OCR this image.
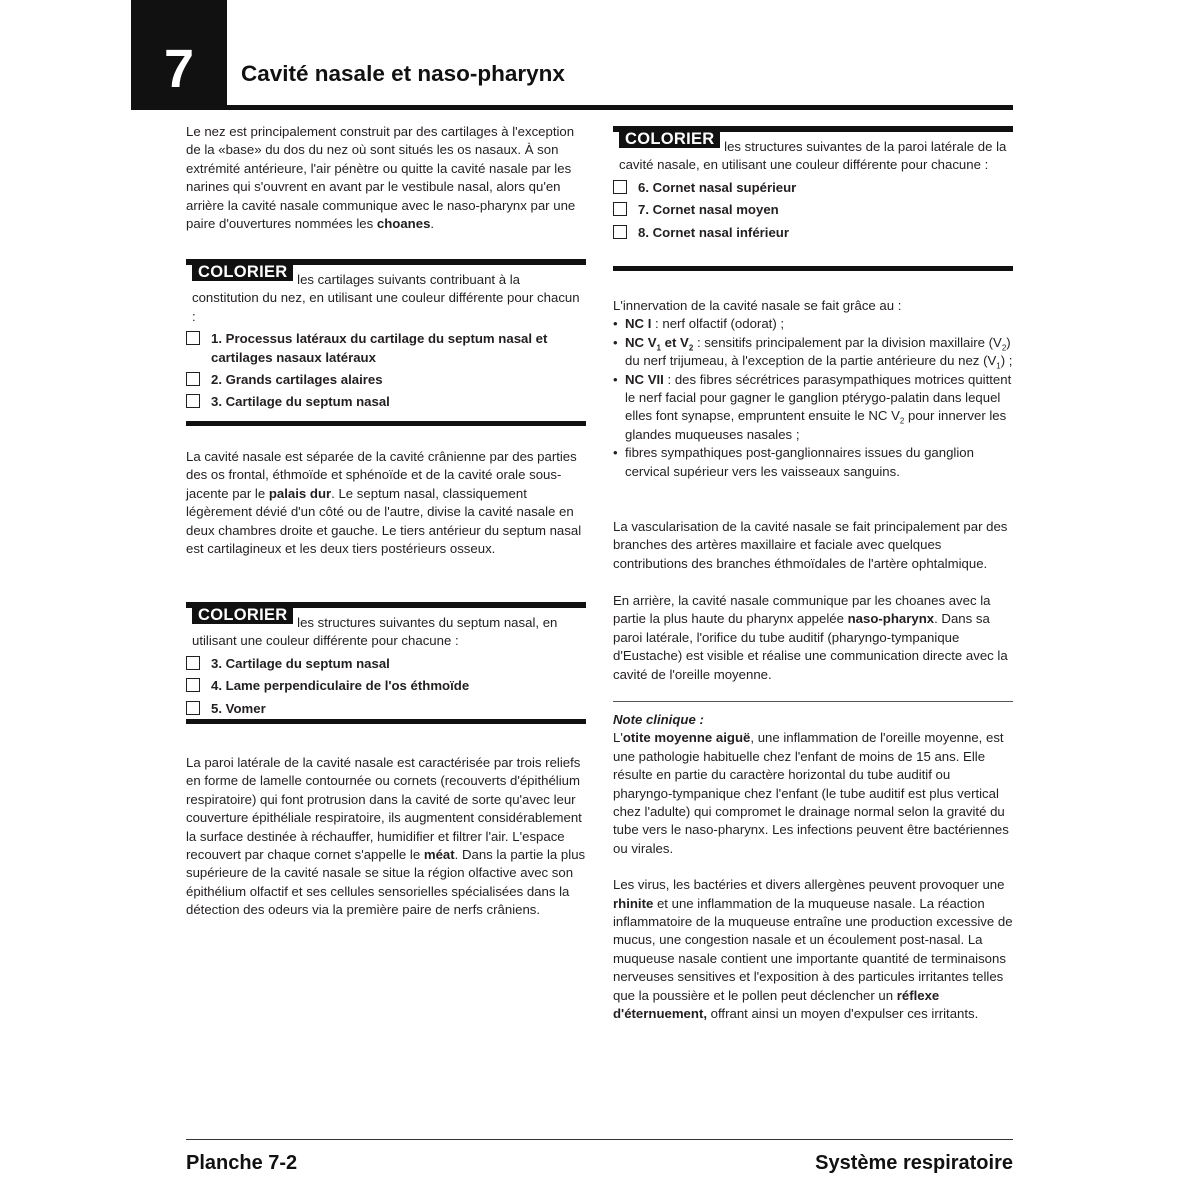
7	Cavité nasale et naso-pharynx

Le nez est principalement construit par des cartilages à l'exception de la «base» du dos du nez où sont situés les os nasaux. À son extrémité antérieure, l'air pénètre ou quitte la cavité nasale par les narines qui s'ouvrent en avant par le vestibule nasal, alors qu'en arrière la cavité nasale communique avec le naso-pharynx par une paire d'ouvertures nommées les choanes.

COLORIER les cartilages suivants contribuant à la constitution du nez, en utilisant une couleur différente pour chacun :
1. Processus latéraux du cartilage du septum nasal et cartilages nasaux latéraux
2. Grands cartilages alaires
3. Cartilage du septum nasal

La cavité nasale est séparée de la cavité crânienne par des parties des os frontal, éthmoïde et sphénoïde et de la cavité orale sous-jacente par le palais dur. Le septum nasal, classiquement légèrement dévié d'un côté ou de l'autre, divise la cavité nasale en deux chambres droite et gauche. Le tiers antérieur du septum nasal est cartilagineux et les deux tiers postérieurs osseux.

COLORIER les structures suivantes du septum nasal, en utilisant une couleur différente pour chacune :
3. Cartilage du septum nasal
4. Lame perpendiculaire de l'os éthmoïde
5. Vomer

La paroi latérale de la cavité nasale est caractérisée par trois reliefs en forme de lamelle contournée ou cornets (recouverts d'épithélium respiratoire) qui font protrusion dans la cavité de sorte qu'avec leur couverture épithéliale respiratoire, ils augmentent considérablement la surface destinée à réchauffer, humidifier et filtrer l'air. L'espace recouvert par chaque cornet s'appelle le méat. Dans la partie la plus supérieure de la cavité nasale se situe la région olfactive avec son épithélium olfactif et ses cellules sensorielles spécialisées dans la détection des odeurs via la première paire de nerfs crâniens.

COLORIER les structures suivantes de la paroi latérale de la cavité nasale, en utilisant une couleur différente pour chacune :
6. Cornet nasal supérieur
7. Cornet nasal moyen
8. Cornet nasal inférieur

L'innervation de la cavité nasale se fait grâce au :

• NC I : nerf olfactif (odorat) ;
• NC $V_1$ et $V_2$ : sensitifs principalement par la division maxillaire $(V_2)$ du nerf trijumeau, à l'exception de la partie antérieure du nez $(V_1)$ ;
• NC VII : des fibres sécrétrices parasympathiques motrices quittent le nerf facial pour gagner le ganglion ptérygo-palatin dans lequel elles font synapse, empruntent ensuite le NC $V_2$ pour innerver les glandes muqueuses nasales ;
• fibres sympathiques post-ganglionnaires issues du ganglion cervical supérieur vers les vaisseaux sanguins.

La vascularisation de la cavité nasale se fait principalement par des branches des artères maxillaire et faciale avec quelques contributions des branches éthmoïdales de l'artère ophtalmique.

En arrière, la cavité nasale communique par les choanes avec la partie la plus haute du pharynx appelée naso-pharynx. Dans sa paroi latérale, l'orifice du tube auditif (pharyngo-tympanique d'Eustache) est visible et réalise une communication directe avec la cavité de l'oreille moyenne.

Note clinique :

L'otite moyenne aiguë, une inflammation de l'oreille moyenne, est une pathologie habituelle chez l'enfant de moins de 15 ans. Elle résulte en partie du caractère horizontal du tube auditif ou pharyngo-tympanique chez l'enfant (le tube auditif est plus vertical chez l'adulte) qui compromet le drainage normal selon la gravité du tube vers le naso-pharynx. Les infections peuvent être bactériennes ou virales.

Les virus, les bactéries et divers allergènes peuvent provoquer une rhinite et une inflammation de la muqueuse nasale. La réaction inflammatoire de la muqueuse entraîne une production excessive de mucus, une congestion nasale et un écoulement post-nasal. La muqueuse nasale contient une importante quantité de terminaisons nerveuses sensitives et l'exposition à des particules irritantes telles que la poussière et le pollen peut déclencher un réflexe d'éternuement, offrant ainsi un moyen d'expulser ces irritants.

Planche 7-2	Système respiratoire
